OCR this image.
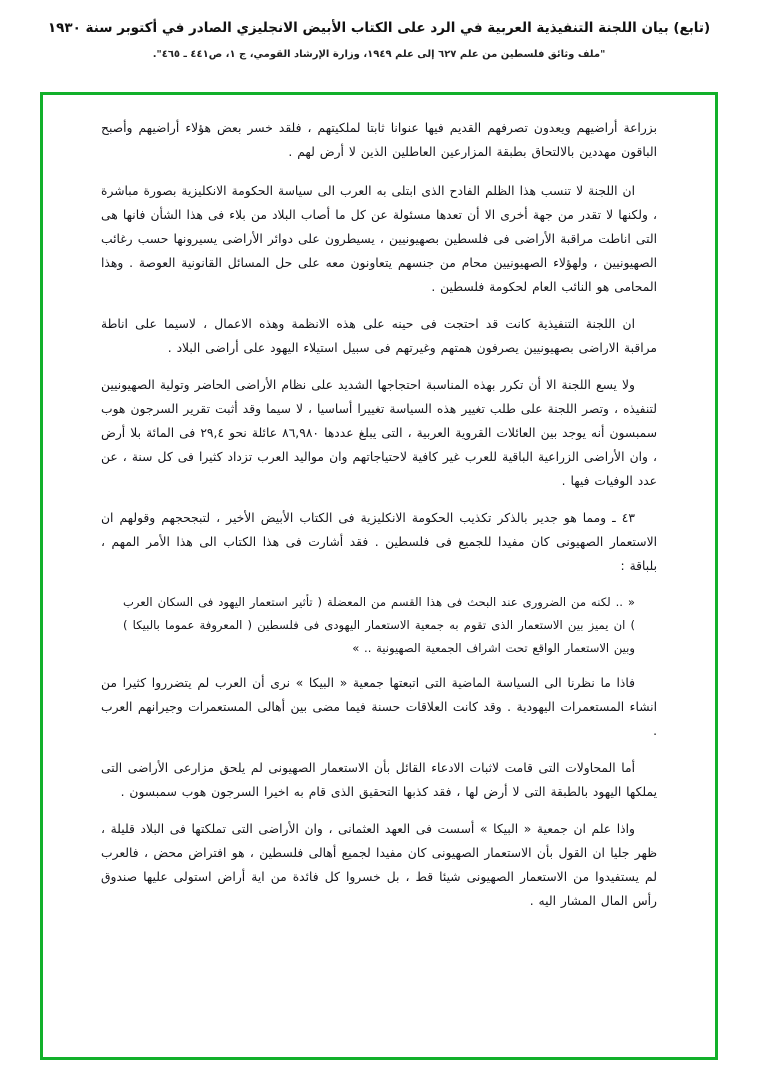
(تابع) بيان اللجنة التنفيذية العربية في الرد على الكتاب الأبيض الانجليزي الصادر في أكتوبر سنة ١٩٣٠
"ملف وثائق فلسطين من علم ٦٢٧ إلى علم ١٩٤٩، وزارة الإرشاد القومي، ج ١، ص٤٤١ ـ ٤٦٥".

بزراعة أراضيهم ويعدون تصرفهم القديم فيها عنوانا ثابتا لملكيتهم ، فلقد خسر بعض هؤلاء أراضيهم وأصبح الباقون مهددين بالالتحاق بطبقة المزارعين العاطلين الذين لا أرض لهم .

ان اللجنة لا تنسب هذا الظلم الفادح الذى ابتلى به العرب الى سياسة الحكومة الانكليزية بصورة مباشرة ، ولكنها لا تقدر من جهة أخرى الا أن تعدها مسئولة عن كل ما أصاب البلاد من بلاء فى هذا الشأن فانها هى التى اناطت مراقبة الأراضى فى فلسطين بصهيونيين ، يسيطرون على دوائر الأراضى يسيرونها حسب رغائب الصهيونيين ، ولهؤلاء الصهيونيين محام من جنسهم يتعاونون معه على حل المسائل القانونية العوصة . وهذا المحامى هو النائب العام لحكومة فلسطين .

ان اللجنة التنفيذية كانت قد احتجت فى حينه على هذه الانظمة وهذه الاعمال ، لاسيما على اناطة مراقبة الاراضى بصهيونيين يصرفون همتهم وغيرتهم فى سبيل استيلاء اليهود على أراضى البلاد .

ولا يسع اللجنة الا أن تكرر بهذه المناسبة احتجاجها الشديد على نظام الأراضى الحاضر وتولية الصهيونيين لتنفيذه ، وتصر اللجنة على طلب تغيير هذه السياسة تغييرا أساسيا ، لا سيما وقد أثبت تقرير السرجون هوب سمبسون أنه يوجد بين العائلات القروية العربية ، التى يبلغ عددها ٨٦,٩٨٠ عائلة نحو ٢٩,٤ فى المائة بلا أرض ، وان الأراضى الزراعية الباقية للعرب غير كافية لاحتياجاتهم وان مواليد العرب تزداد كثيرا فى كل سنة ، عن عدد الوفيات فيها .

٤٣ ـ ومما هو جدير بالذكر تكذيب الحكومة الانكليزية فى الكتاب الأبيض الأخير ، لتبجحجهم وقولهم ان الاستعمار الصهيونى كان مفيدا للجميع فى فلسطين . فقد أشارت فى هذا الكتاب الى هذا الأمر المهم ، بلباقة :

« .. لكنه من الضرورى عند البحث فى هذا القسم من المعضلة ( تأثير استعمار اليهود فى السكان العرب ) ان يميز بين الاستعمار الذى تقوم به جمعية الاستعمار اليهودى فى فلسطين ( المعروفة عموما بالبيكا ) وبين الاستعمار الواقع تحت اشراف الجمعية الصهيونية .. »

فاذا ما نظرنا الى السياسة الماضية التى اتبعتها جمعية « البيكا » نرى أن العرب لم يتضرروا كثيرا من انشاء المستعمرات اليهودية . وقد كانت العلاقات حسنة فيما مضى بين أهالى المستعمرات وجيرانهم العرب .

أما المحاولات التى قامت لاثبات الادعاء القائل بأن الاستعمار الصهيونى لم يلحق مزارعى الأراضى التى يملكها اليهود بالطبقة التى لا أرض لها ، فقد كذبها التحقيق الذى قام به اخيرا السرجون هوب سمبسون .

واذا علم ان جمعية « البيكا » أسست فى العهد العثمانى ، وان الأراضى التى تملكتها فى البلاد قليلة ، ظهر جليا ان القول بأن الاستعمار الصهيونى كان مفيدا لجميع أهالى فلسطين ، هو افتراض محض ، فالعرب لم يستفيدوا من الاستعمار الصهيونى شيئا قط ، بل خسروا كل فائدة من اية أراض استولى عليها صندوق رأس المال المشار اليه .
